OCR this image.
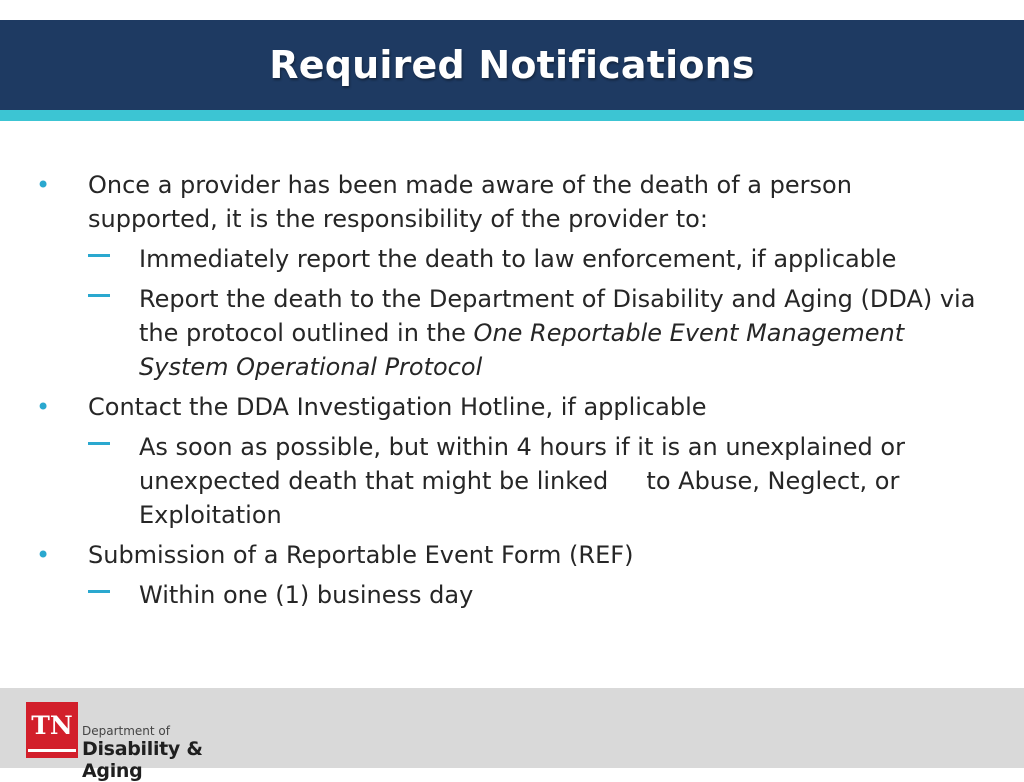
Required Notifications
• Once a provider has been made aware of the death of a person supported, it is the responsibility of the provider to:
Immediately report the death to law enforcement, if applicable
Report the death to the Department of Disability and Aging (DDA) via the protocol outlined in the One Reportable Event Management System Operational Protocol
• Contact the DDA Investigation Hotline, if applicable
As soon as possible, but within 4 hours if it is an unexplained or unexpected death that might be linked     to Abuse, Neglect, or Exploitation
• Submission of a Reportable Event Form (REF)
Within one (1) business day
TN Department of
Disability & Aging
